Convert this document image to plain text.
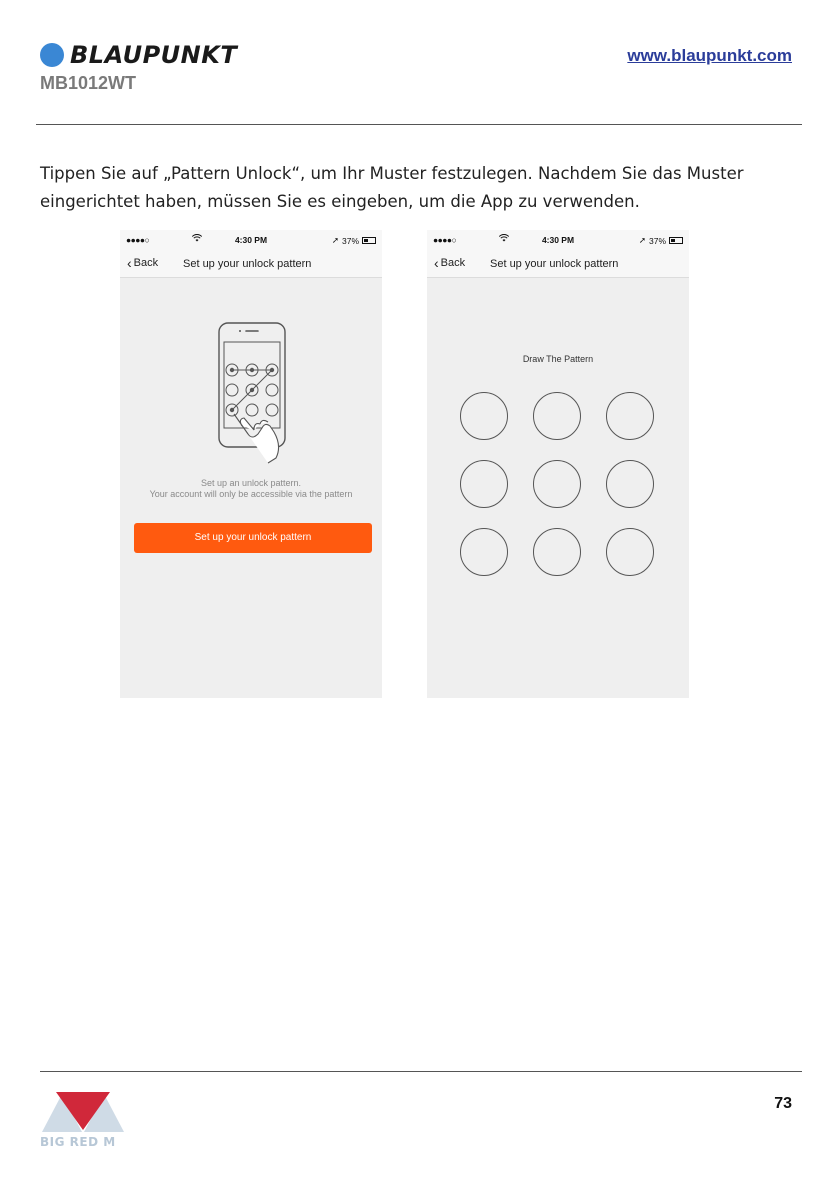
BLAUPUNKT
MB1012WT
www.blaupunkt.com

Tippen Sie auf „Pattern Unlock“, um Ihr Muster festzulegen. Nachdem Sie das Muster eingerichtet haben, müssen Sie es eingeben, um die App zu verwenden.

●●●●○	4:30 PM	➚ 37%
‹ Back Set up your unlock pattern
Set up an unlock pattern.
Your account will only be accessible via the pattern
Set up your unlock pattern
●●●●○	4:30 PM	➚ 37%
‹ Back Set up your unlock pattern
Draw The Pattern
BIG RED M
73
